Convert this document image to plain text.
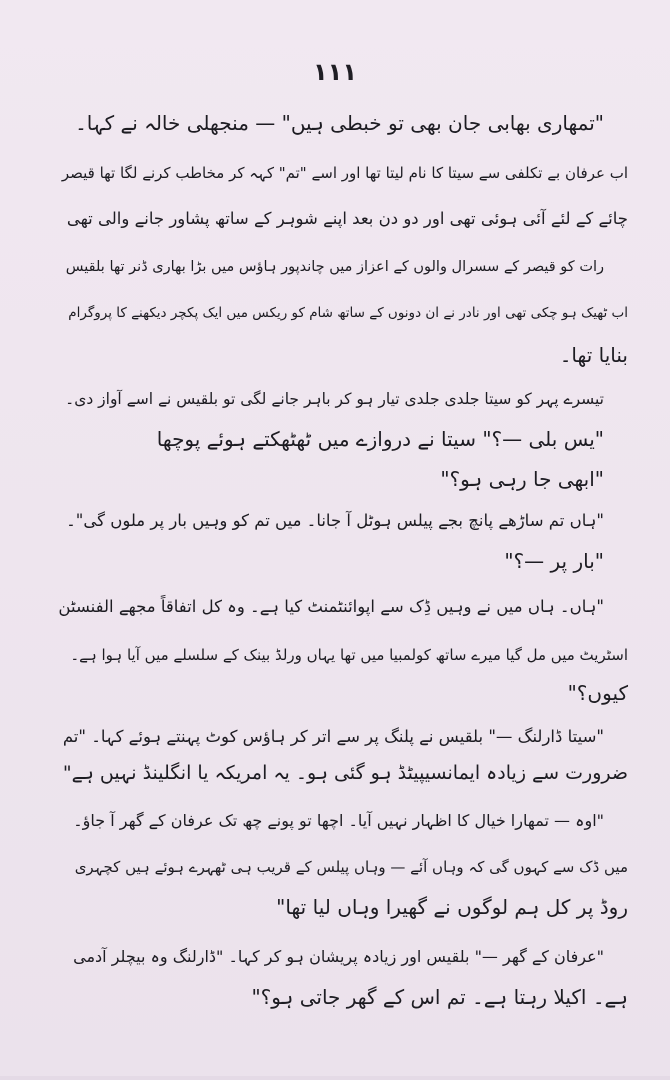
۱۱۱
"تمھاری بھابی جان بھی تو خبطی ہیں" — منجھلی خالہ نے کہا۔
اب عرفان بے تکلفی سے سیتا کا نام لیتا تھا اور اسے "تم" کہہ کر مخاطب کرنے لگا تھا قیصر
چائے کے لئے آئی ہوئی تھی اور دو دن بعد اپنے شوہر کے ساتھ پشاور جانے والی تھی
رات کو قیصر کے سسرال والوں کے اعزاز میں چاندپور ہاؤس میں بڑا بھاری ڈنر تھا بلقیس
اب ٹھیک ہو چکی تھی اور نادر نے ان دونوں کے ساتھ شام کو ریکس میں ایک پکچر دیکھنے کا پروگرام
بنایا تھا۔
تیسرے پہر کو سیتا جلدی جلدی تیار ہو کر باہر جانے لگی تو بلقیس نے اسے آواز دی۔
"یس بلی —؟" سیتا نے دروازے میں ٹھٹھکتے ہوئے پوچھا
"ابھی جا رہی ہو؟"
"ہاں تم ساڑھے پانچ بجے پیلس ہوٹل آ جانا۔ میں تم کو وہیں بار پر ملوں گی"۔
"بار پر —؟"
"ہاں۔ ہاں میں نے وہیں ڈِک سے اپوائنٹمنٹ کیا ہے۔ وہ کل اتفاقاً مجھے الفنسٹن
اسٹریٹ میں مل گیا میرے ساتھ کولمبیا میں تھا یہاں ورلڈ بینک کے سلسلے میں آیا ہوا ہے۔
کیوں؟"
"سیتا ڈارلنگ —" بلقیس نے پلنگ پر سے اتر کر ہاؤس کوٹ پہنتے ہوئے کہا۔ "تم
ضرورت سے زیادہ ایمانسیپیٹڈ ہو گئی ہو۔ یہ امریکہ یا انگلینڈ نہیں ہے"
"اوہ — تمھارا خیال کا اظہار نہیں آیا۔ اچھا تو پونے چھ تک عرفان کے گھر آ جاؤ۔
میں ڈک سے کہوں گی کہ وہاں آئے — وہاں پیلس کے قریب ہی ٹھہرے ہوئے ہیں کچہری
روڈ پر کل ہم لوگوں نے گھیرا وہاں لیا تھا"
"عرفان کے گھر —" بلقیس اور زیادہ پریشان ہو کر کہا۔ "ڈارلنگ وہ بیچلر آدمی
ہے۔ اکیلا رہتا ہے۔ تم اس کے گھر جاتی ہو؟"
